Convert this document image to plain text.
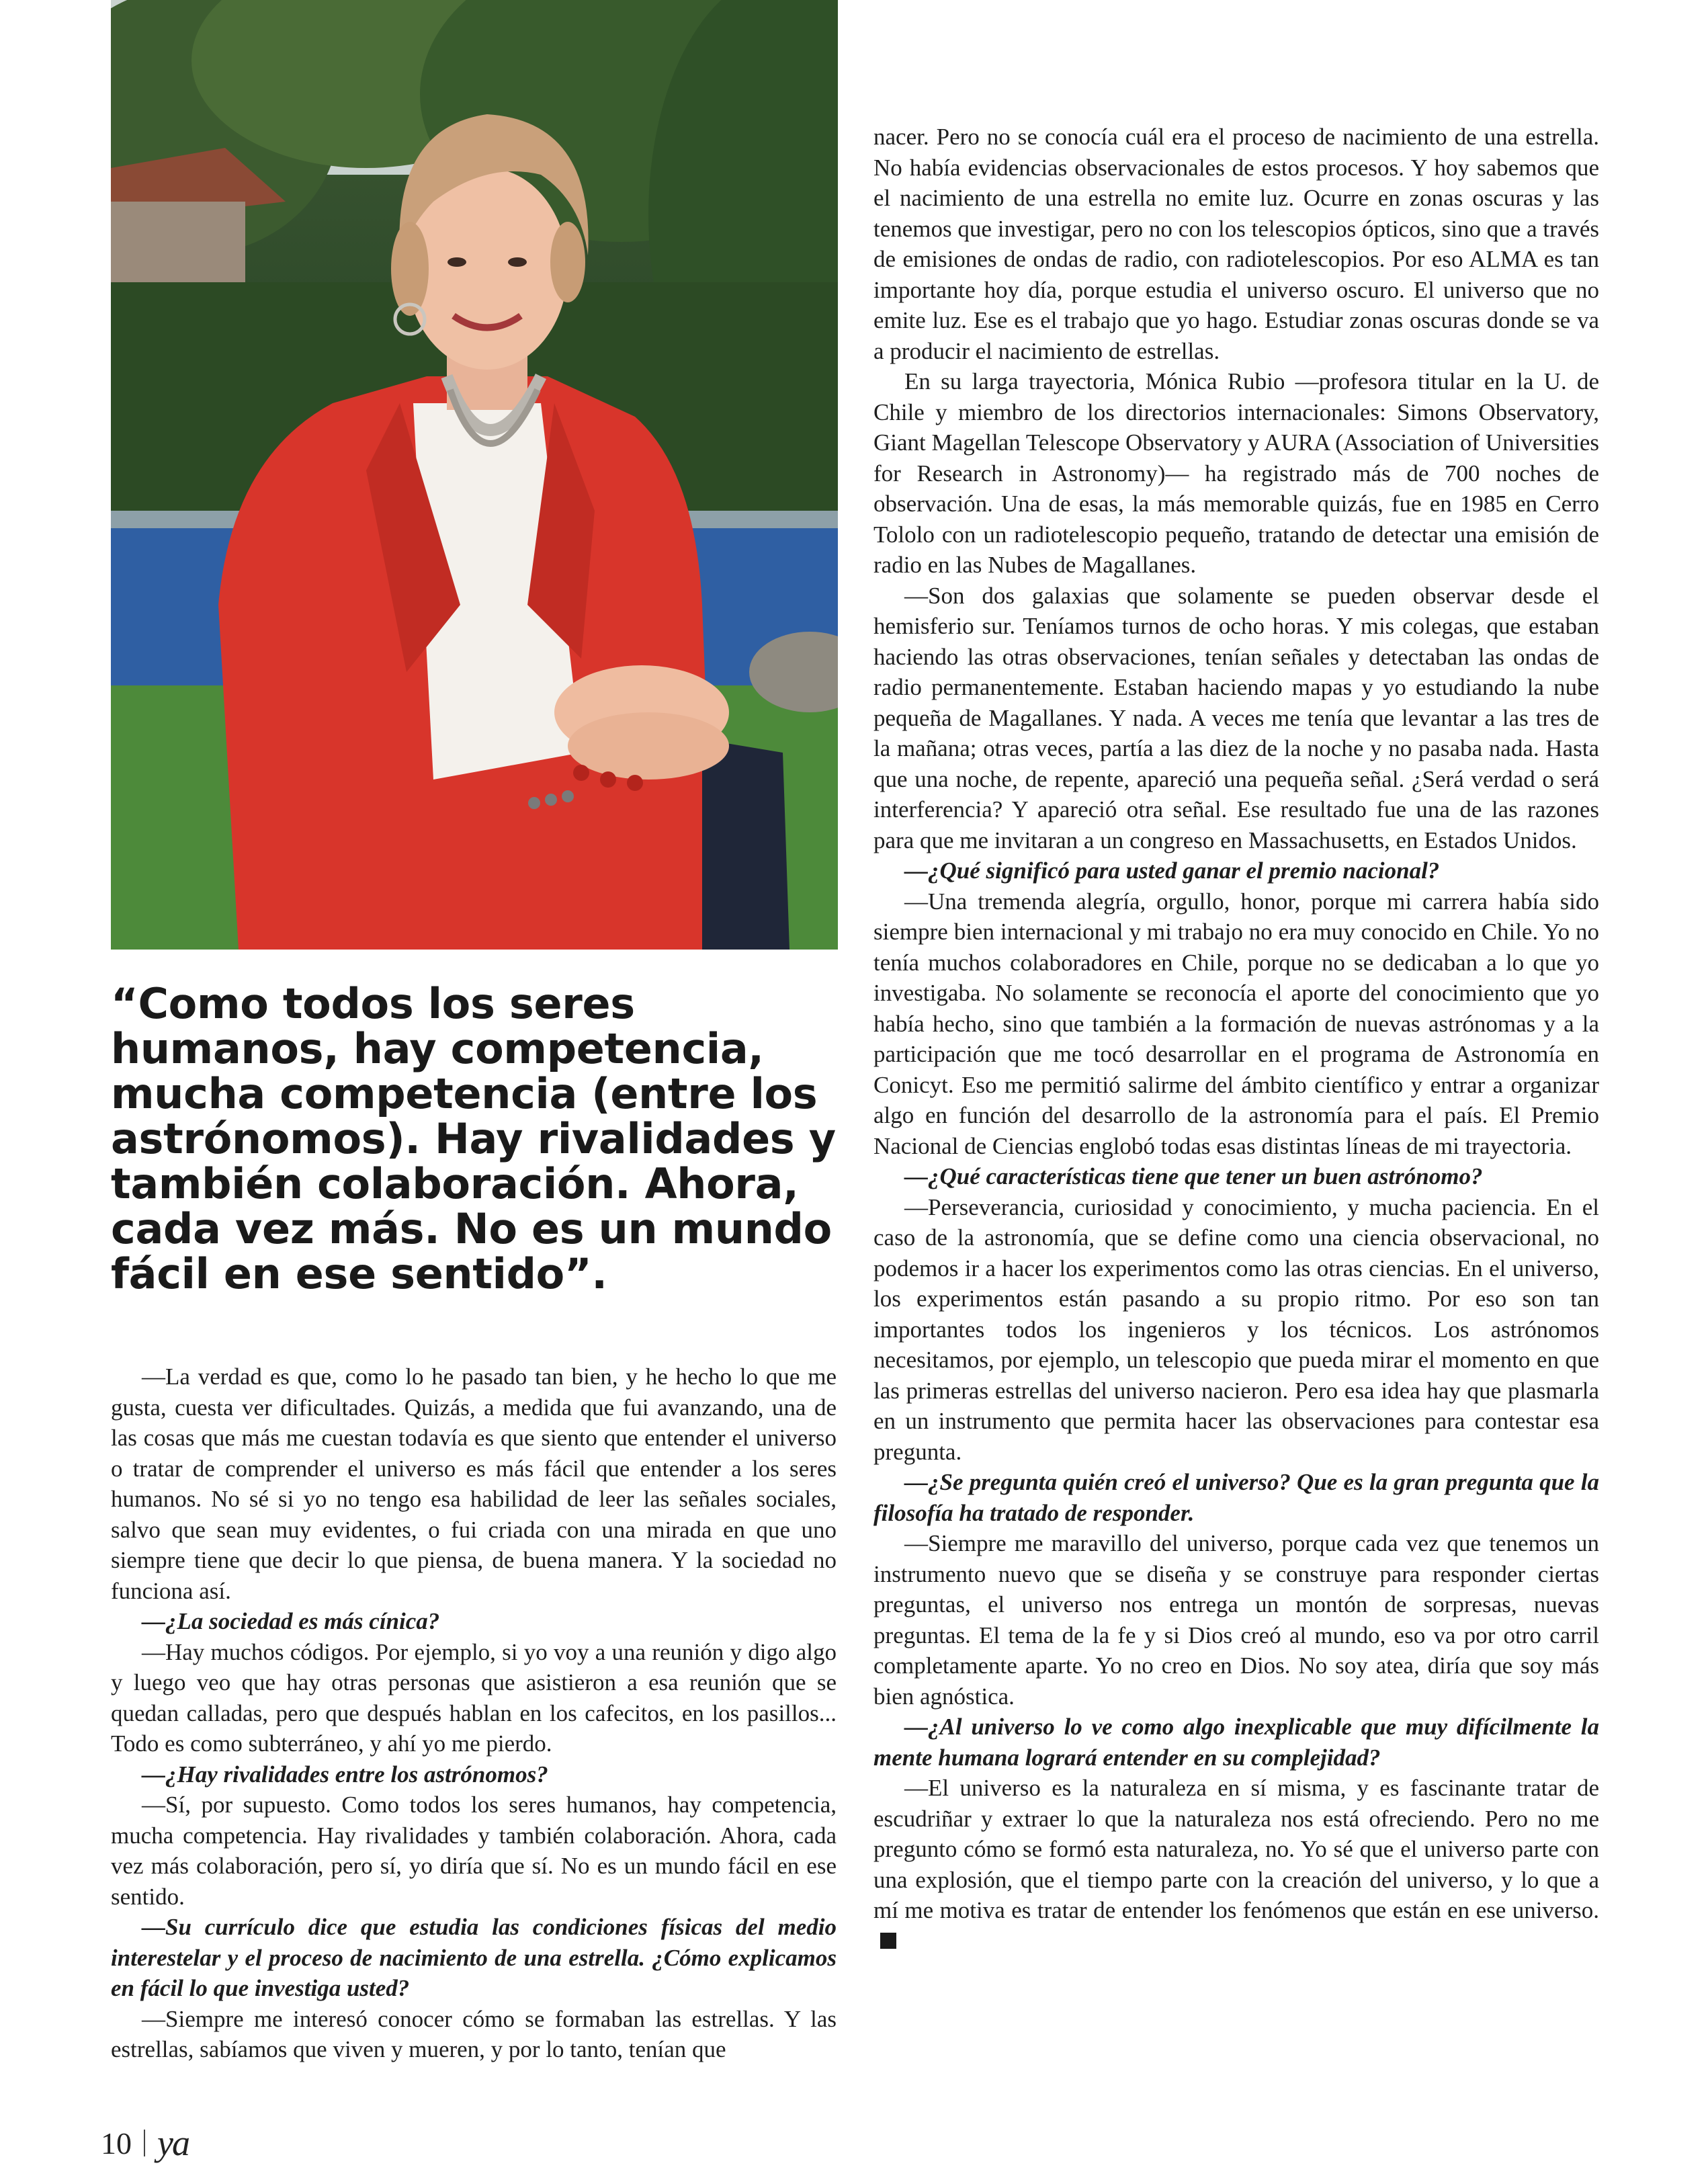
“Como todos los seres humanos, hay competencia, mucha competencia (entre los astrónomos). Hay rivalidades y también colaboración. Ahora, cada vez más. No es un mundo fácil en ese sentido”.

—La verdad es que, como lo he pasado tan bien, y he hecho lo que me gusta, cuesta ver dificultades. Quizás, a medida que fui avanzando, una de las cosas que más me cuestan todavía es que siento que entender el universo o tratar de comprender el universo es más fácil que entender a los seres humanos. No sé si yo no tengo esa habilidad de leer las señales sociales, salvo que sean muy evidentes, o fui criada con una mirada en que uno siempre tiene que decir lo que piensa, de buena manera. Y la sociedad no funciona así.

—¿La sociedad es más cínica?

—Hay muchos códigos. Por ejemplo, si yo voy a una reunión y digo algo y luego veo que hay otras personas que asistieron a esa reunión que se quedan calladas, pero que después hablan en los cafecitos, en los pasillos... Todo es como subterráneo, y ahí yo me pierdo.

—¿Hay rivalidades entre los astrónomos?

—Sí, por supuesto. Como todos los seres humanos, hay competencia, mucha competencia. Hay rivalidades y también colaboración. Ahora, cada vez más colaboración, pero sí, yo diría que sí. No es un mundo fácil en ese sentido.

—Su currículo dice que estudia las condiciones físicas del medio interestelar y el proceso de nacimiento de una estrella. ¿Cómo explicamos en fácil lo que investiga usted?

—Siempre me interesó conocer cómo se formaban las estrellas. Y las estrellas, sabíamos que viven y mueren, y por lo tanto, tenían que

nacer. Pero no se conocía cuál era el proceso de nacimiento de una estrella. No había evidencias observacionales de estos procesos. Y hoy sabemos que el nacimiento de una estrella no emite luz. Ocurre en zonas oscuras y las tenemos que investigar, pero no con los telescopios ópticos, sino que a través de emisiones de ondas de radio, con radiotelescopios. Por eso ALMA es tan importante hoy día, porque estudia el universo oscuro. El universo que no emite luz. Ese es el trabajo que yo hago. Estudiar zonas oscuras donde se va a producir el nacimiento de estrellas.

En su larga trayectoria, Mónica Rubio —profesora titular en la U. de Chile y miembro de los directorios internacionales: Simons Observatory, Giant Magellan Telescope Observatory y AURA (Association of Universities for Research in Astronomy)— ha registrado más de 700 noches de observación. Una de esas, la más memorable quizás, fue en 1985 en Cerro Tololo con un radiotelescopio pequeño, tratando de detectar una emisión de radio en las Nubes de Magallanes.

—Son dos galaxias que solamente se pueden observar desde el hemisferio sur. Teníamos turnos de ocho horas. Y mis colegas, que estaban haciendo las otras observaciones, tenían señales y detectaban las ondas de radio permanentemente. Estaban haciendo mapas y yo estudiando la nube pequeña de Magallanes. Y nada. A veces me tenía que levantar a las tres de la mañana; otras veces, partía a las diez de la noche y no pasaba nada. Hasta que una noche, de repente, apareció una pequeña señal. ¿Será verdad o será interferencia? Y apareció otra señal. Ese resultado fue una de las razones para que me invitaran a un congreso en Massachusetts, en Estados Unidos.

—¿Qué significó para usted ganar el premio nacional?

—Una tremenda alegría, orgullo, honor, porque mi carrera había sido siempre bien internacional y mi trabajo no era muy conocido en Chile. Yo no tenía muchos colaboradores en Chile, porque no se dedicaban a lo que yo investigaba. No solamente se reconocía el aporte del conocimiento que yo había hecho, sino que también a la formación de nuevas astrónomas y a la participación que me tocó desarrollar en el programa de Astronomía en Conicyt. Eso me permitió salirme del ámbito científico y entrar a organizar algo en función del desarrollo de la astronomía para el país. El Premio Nacional de Ciencias englobó todas esas distintas líneas de mi trayectoria.

—¿Qué características tiene que tener un buen astrónomo?

—Perseverancia, curiosidad y conocimiento, y mucha paciencia. En el caso de la astronomía, que se define como una ciencia observacional, no podemos ir a hacer los experimentos como las otras ciencias. En el universo, los experimentos están pasando a su propio ritmo. Por eso son tan importantes todos los ingenieros y los técnicos. Los astrónomos necesitamos, por ejemplo, un telescopio que pueda mirar el momento en que las primeras estrellas del universo nacieron. Pero esa idea hay que plasmarla en un instrumento que permita hacer las observaciones para contestar esa pregunta.

—¿Se pregunta quién creó el universo? Que es la gran pregunta que la filosofía ha tratado de responder.

—Siempre me maravillo del universo, porque cada vez que tenemos un instrumento nuevo que se diseña y se construye para responder ciertas preguntas, el universo nos entrega un montón de sorpresas, nuevas preguntas. El tema de la fe y si Dios creó al mundo, eso va por otro carril completamente aparte. Yo no creo en Dios. No soy atea, diría que soy más bien agnóstica.

—¿Al universo lo ve como algo inexplicable que muy difícilmente la mente humana logrará entender en su complejidad?

—El universo es la naturaleza en sí misma, y es fascinante tratar de escudriñar y extraer lo que la naturaleza nos está ofreciendo. Pero no me pregunto cómo se formó esta naturaleza, no. Yo sé que el universo parte con una explosión, que el tiempo parte con la creación del universo, y lo que a mí me motiva es tratar de entender los fenómenos que están en ese universo.

10 ya
